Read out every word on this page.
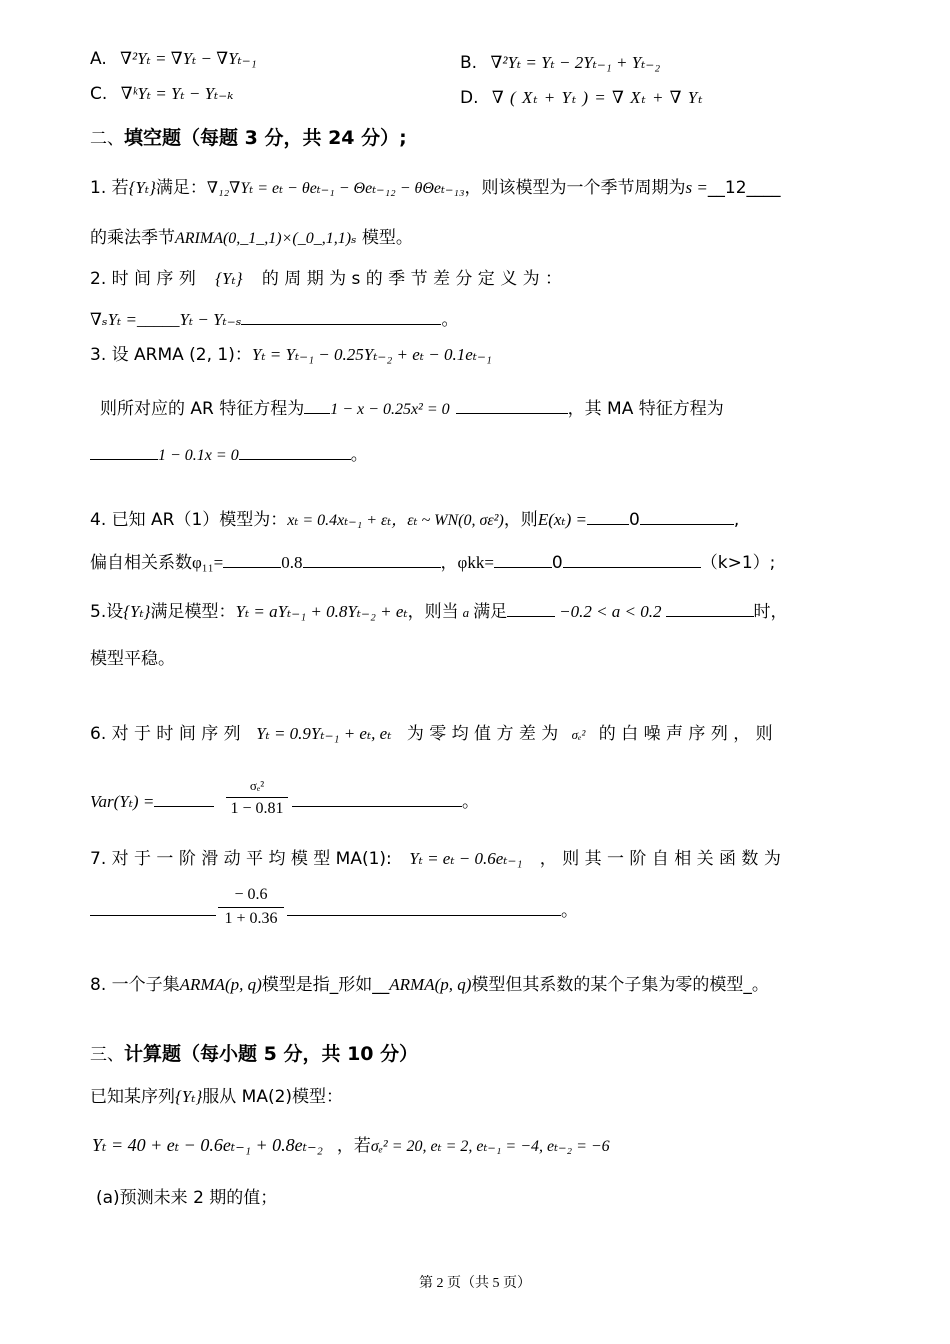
A. ∇²Yₜ = ∇Yₜ − ∇Yₜ₋₁	B. ∇²Yₜ = Yₜ − 2Yₜ₋₁ + Yₜ₋₂
C. ∇ᵏYₜ = Yₜ − Yₜ₋ₖ	D. ∇ ( Xₜ + Yₜ ) = ∇ Xₜ + ∇ Yₜ
二、填空题（每题 3 分，共 24 分）;
1. 若{Yₜ}满足：∇₁₂∇Yₜ = eₜ − θeₜ₋₁ − Θeₜ₋₁₂ − θΘeₜ₋₁₃，则该模型为一个季节周期为s =__12____
的乘法季节ARIMA(0,_1_,1)×(_0_,1,1)ₛ 模型。
2. 时 间 序 列 {Yₜ} 的 周 期 为 s 的 季 节 差 分 定 义 为 ：
∇ₛYₜ =_____Yₜ − Yₜ₋ₛ	。
3. 设 ARMA (2, 1)：Yₜ = Yₜ₋₁ − 0.25Yₜ₋₂ + eₜ − 0.1eₜ₋₁
则所对应的 AR 特征方程为 1 − x − 0.25x² = 0	，其 MA 特征方程为
1 − 0.1x = 0	。
4. 已知 AR（1）模型为：xₜ = 0.4xₜ₋₁ + εₜ，εₜ ~ WN(0, σε²)，则E(xₜ) = 0	,
偏自相关系数φ₁₁=	0.8	，φkk=	0	（k>1）;
5.设{Yₜ}满足模型：Yₜ = aYₜ₋₁ + 0.8Yₜ₋₂ + eₜ，则当 a 满足	−0.2 < a < 0.2	时，
模型平稳。
6. 对 于 时 间 序 列 Yₜ = 0.9Yₜ₋₁ + eₜ, eₜ 为 零 均 值 方 差 为 σₑ² 的 白 噪 声 序 列 ， 则
Var(Yₜ) =
σₑ²
1 − 0.81	。
7. 对 于 一 阶 滑 动 平 均 模 型 MA(1): Yₜ = eₜ − 0.6eₜ₋₁ ， 则 其 一 阶 自 相 关 函 数 为
$\frac{- 0.6}{1 + 0.36}$	。
8. 一个子集ARMA(p, q)模型是指_形如__ARMA(p, q)模型但其系数的某个子集为零的模型_。
三、计算题（每小题 5 分，共 10 分）
已知某序列{Yₜ}服从 MA(2)模型：
Yₜ = 40 + eₜ − 0.6eₜ₋₁ + 0.8eₜ₋₂ ，若σₑ² = 20, eₜ = 2, eₜ₋₁ = −4, eₜ₋₂ = −6
(a)预测未来 2 期的值；
第 2 页（共 5 页）
